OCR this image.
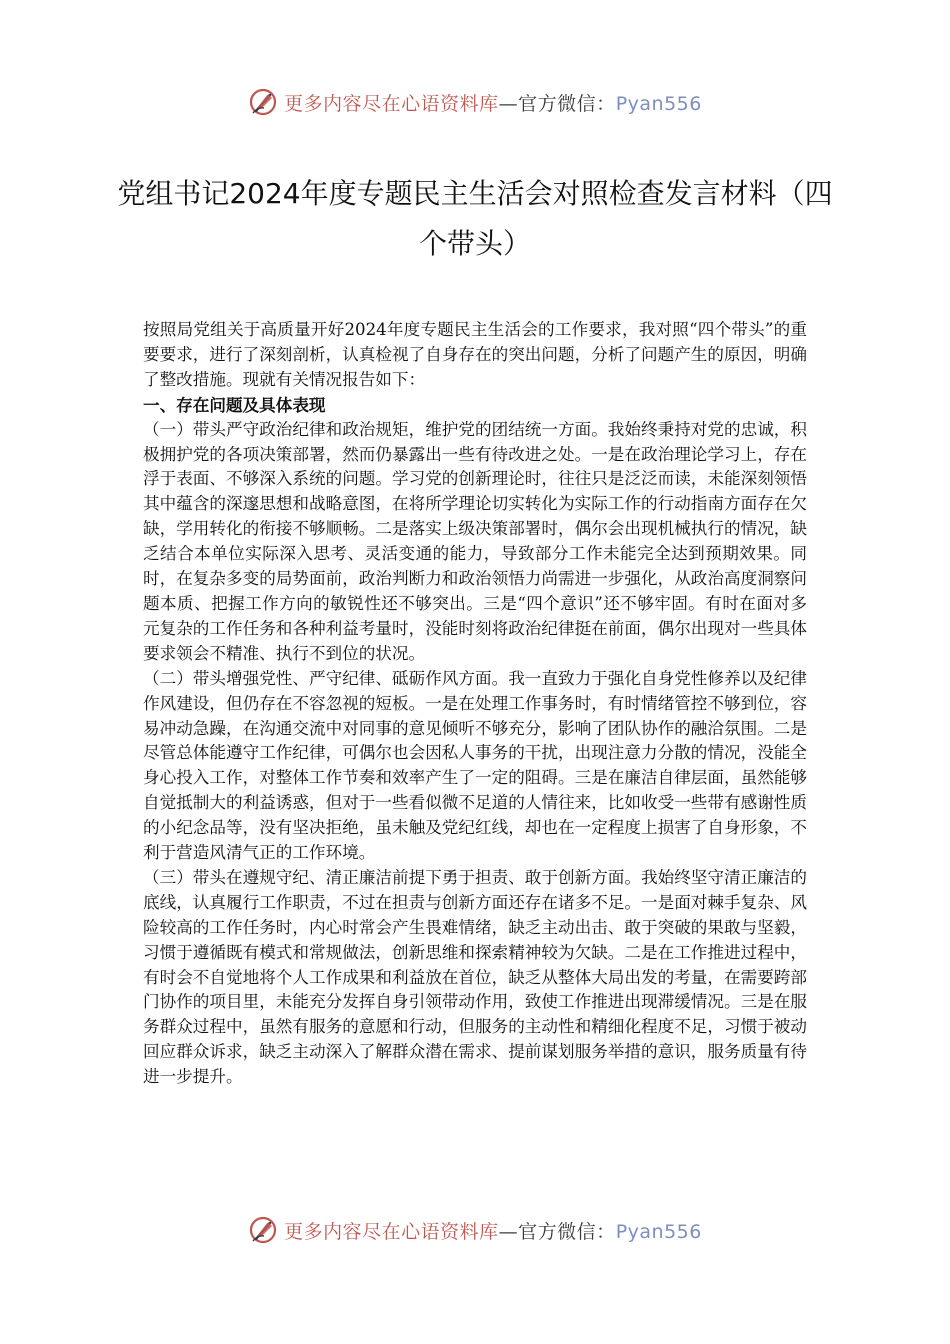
更多内容尽在心语资料库—官方微信：Pyan556
党组书记2024年度专题民主生活会对照检查发言材料（四个带头）

按照局党组关于高质量开好2024年度专题民主生活会的工作要求，我对照“四个带头”的重要要求，进行了深刻剖析，认真检视了自身存在的突出问题，分析了问题产生的原因，明确了整改措施。现就有关情况报告如下：

一、存在问题及具体表现

（一）带头严守政治纪律和政治规矩，维护党的团结统一方面。我始终秉持对党的忠诚，积极拥护党的各项决策部署，然而仍暴露出一些有待改进之处。一是在政治理论学习上，存在浮于表面、不够深入系统的问题。学习党的创新理论时，往往只是泛泛而读，未能深刻领悟其中蕴含的深邃思想和战略意图，在将所学理论切实转化为实际工作的行动指南方面存在欠缺，学用转化的衔接不够顺畅。二是落实上级决策部署时，偶尔会出现机械执行的情况，缺乏结合本单位实际深入思考、灵活变通的能力，导致部分工作未能完全达到预期效果。同时，在复杂多变的局势面前，政治判断力和政治领悟力尚需进一步强化，从政治高度洞察问题本质、把握工作方向的敏锐性还不够突出。三是“四个意识”还不够牢固。有时在面对多元复杂的工作任务和各种利益考量时，没能时刻将政治纪律挺在前面，偶尔出现对一些具体要求领会不精准、执行不到位的状况。

（二）带头增强党性、严守纪律、砥砺作风方面。我一直致力于强化自身党性修养以及纪律作风建设，但仍存在不容忽视的短板。一是在处理工作事务时，有时情绪管控不够到位，容易冲动急躁，在沟通交流中对同事的意见倾听不够充分，影响了团队协作的融洽氛围。二是尽管总体能遵守工作纪律，可偶尔也会因私人事务的干扰，出现注意力分散的情况，没能全身心投入工作，对整体工作节奏和效率产生了一定的阻碍。三是在廉洁自律层面，虽然能够自觉抵制大的利益诱惑，但对于一些看似微不足道的人情往来，比如收受一些带有感谢性质的小纪念品等，没有坚决拒绝，虽未触及党纪红线，却也在一定程度上损害了自身形象，不利于营造风清气正的工作环境。

（三）带头在遵规守纪、清正廉洁前提下勇于担责、敢于创新方面。我始终坚守清正廉洁的底线，认真履行工作职责，不过在担责与创新方面还存在诸多不足。一是面对棘手复杂、风险较高的工作任务时，内心时常会产生畏难情绪，缺乏主动出击、敢于突破的果敢与坚毅，习惯于遵循既有模式和常规做法，创新思维和探索精神较为欠缺。二是在工作推进过程中，有时会不自觉地将个人工作成果和利益放在首位，缺乏从整体大局出发的考量，在需要跨部门协作的项目里，未能充分发挥自身引领带动作用，致使工作推进出现滞缓情况。三是在服务群众过程中，虽然有服务的意愿和行动，但服务的主动性和精细化程度不足，习惯于被动回应群众诉求，缺乏主动深入了解群众潜在需求、提前谋划服务举措的意识，服务质量有待进一步提升。

更多内容尽在心语资料库—官方微信：Pyan556
